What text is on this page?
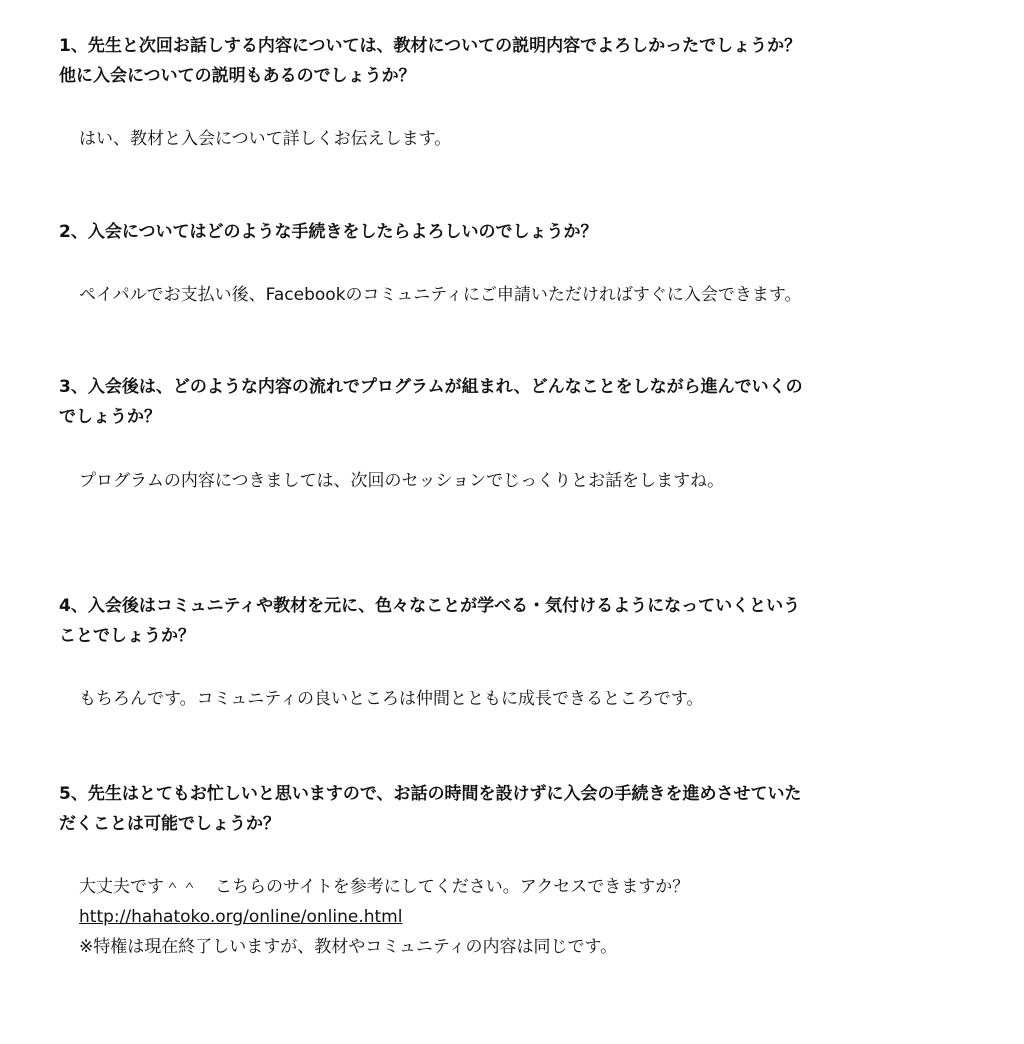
1、先生と次回お話しする内容については、教材についての説明内容でよろしかったでしょうか？
他に入会についての説明もあるのでしょうか？

はい、教材と入会について詳しくお伝えします。

2、入会についてはどのような手続きをしたらよろしいのでしょうか？

ペイパルでお支払い後、Facebookのコミュニティにご申請いただければすぐに入会できます。

3、入会後は、どのような内容の流れでプログラムが組まれ、どんなことをしながら進んでいくの
でしょうか？

プログラムの内容につきましては、次回のセッションでじっくりとお話をしますね。

4、入会後はコミュニティや教材を元に、色々なことが学べる・気付けるようになっていくという
ことでしょうか？

もちろんです。コミュニティの良いところは仲間とともに成長できるところです。

5、先生はとてもお忙しいと思いますので、お話の時間を設けずに入会の手続きを進めさせていた
だくことは可能でしょうか？

大丈夫です＾＾　こちらのサイトを参考にしてください。アクセスできますか？
http://hahatoko.org/online/online.html
※特権は現在終了しいますが、教材やコミュニティの内容は同じです。
